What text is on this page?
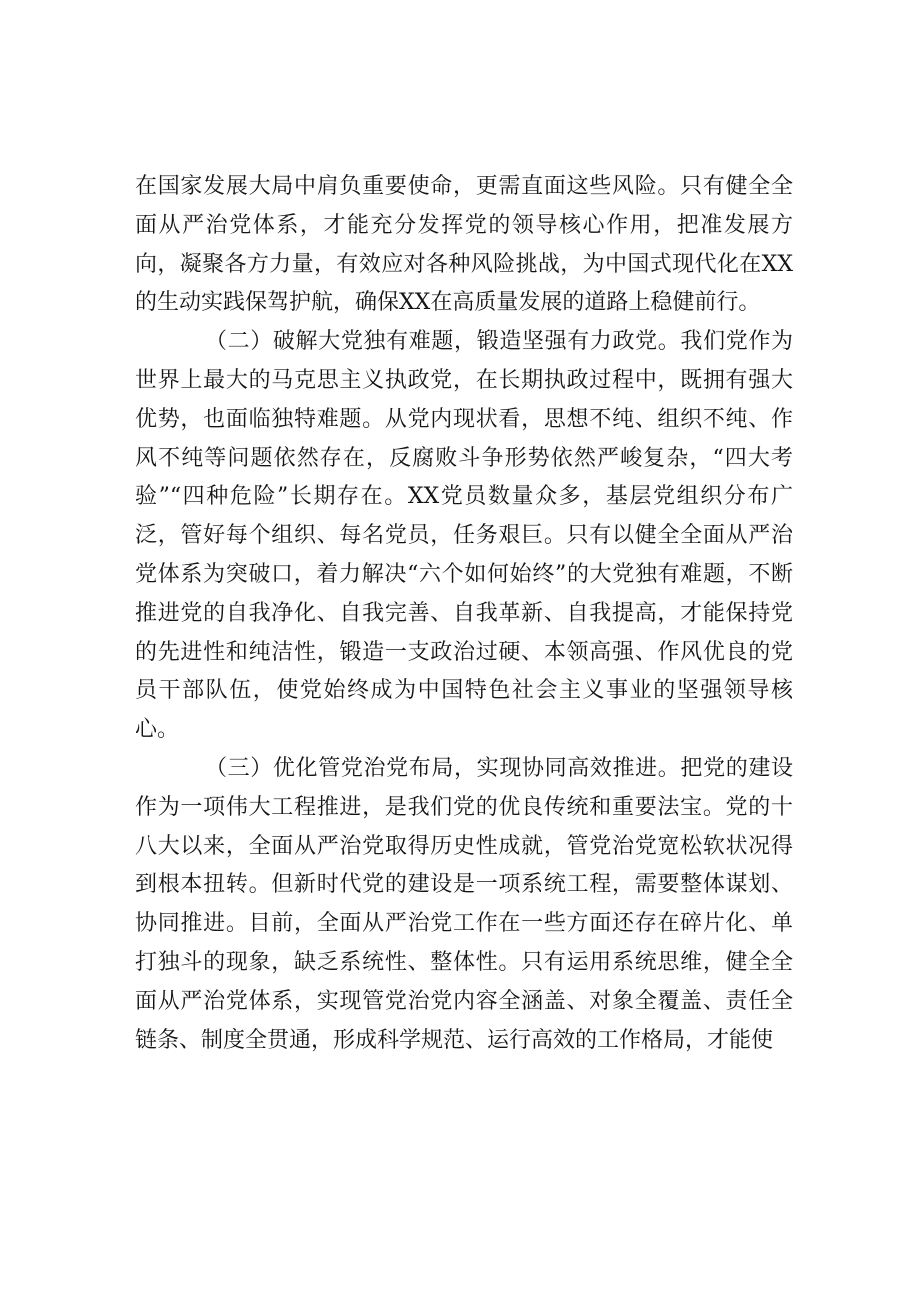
在国家发展大局中肩负重要使命，更需直面这些风险。只有健全全面从严治党体系，才能充分发挥党的领导核心作用，把准发展方向，凝聚各方力量，有效应对各种风险挑战，为中国式现代化在XX的生动实践保驾护航，确保XX在高质量发展的道路上稳健前行。

（二）破解大党独有难题，锻造坚强有力政党。我们党作为世界上最大的马克思主义执政党，在长期执政过程中，既拥有强大优势，也面临独特难题。从党内现状看，思想不纯、组织不纯、作风不纯等问题依然存在，反腐败斗争形势依然严峻复杂，“四大考验”“四种危险”长期存在。XX党员数量众多，基层党组织分布广泛，管好每个组织、每名党员，任务艰巨。只有以健全全面从严治党体系为突破口，着力解决“六个如何始终”的大党独有难题，不断推进党的自我净化、自我完善、自我革新、自我提高，才能保持党的先进性和纯洁性，锻造一支政治过硬、本领高强、作风优良的党员干部队伍，使党始终成为中国特色社会主义事业的坚强领导核心。

（三）优化管党治党布局，实现协同高效推进。把党的建设作为一项伟大工程推进，是我们党的优良传统和重要法宝。党的十八大以来，全面从严治党取得历史性成就，管党治党宽松软状况得到根本扭转。但新时代党的建设是一项系统工程，需要整体谋划、协同推进。目前，全面从严治党工作在一些方面还存在碎片化、单打独斗的现象，缺乏系统性、整体性。只有运用系统思维，健全全面从严治党体系，实现管党治党内容全涵盖、对象全覆盖、责任全链条、制度全贯通，形成科学规范、运行高效的工作格局，才能使
